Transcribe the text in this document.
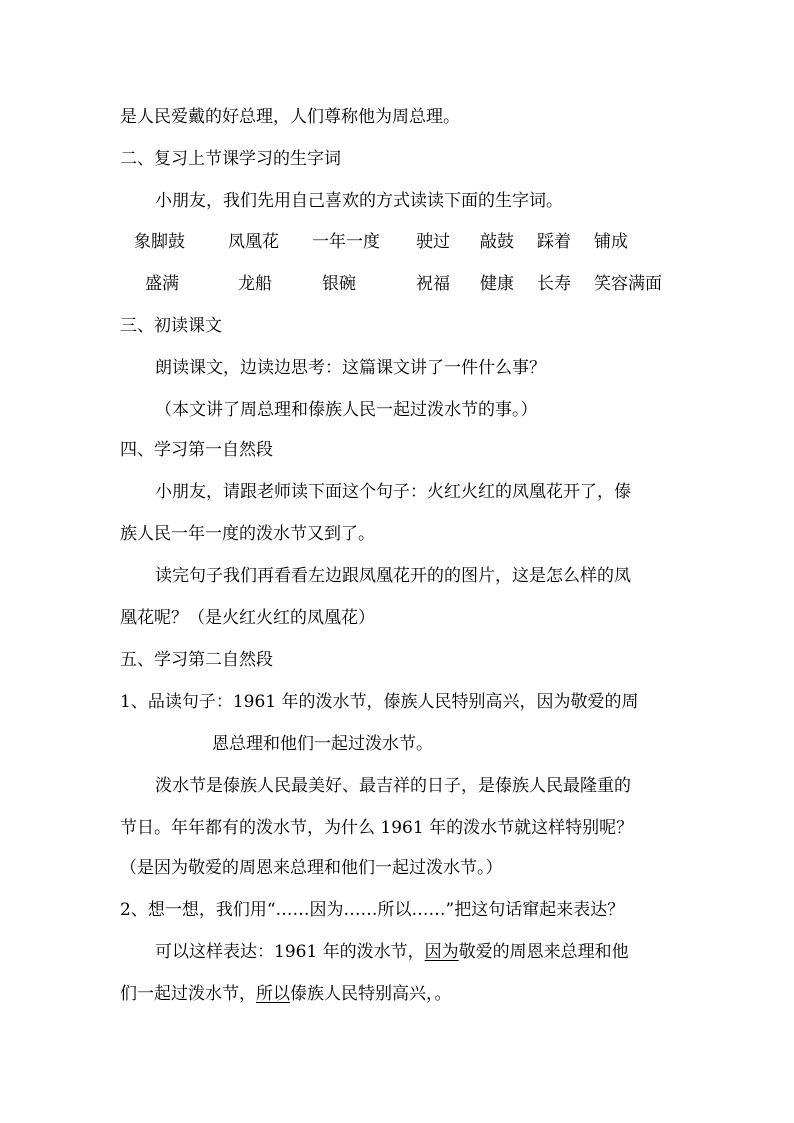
是人民爱戴的好总理，人们尊称他为周总理。
二、复习上节课学习的生字词
小朋友，我们先用自己喜欢的方式读读下面的生字词。
象脚鼓	凤凰花 一年一度 驶过 敲鼓 踩着 铺成
盛满	龙船	银碗	祝福 健康 长寿 笑容满面
三、初读课文
朗读课文，边读边思考：这篇课文讲了一件什么事？
（本文讲了周总理和傣族人民一起过泼水节的事。）
四、学习第一自然段
小朋友，请跟老师读下面这个句子：火红火红的凤凰花开了，傣
族人民一年一度的泼水节又到了。
读完句子我们再看看左边跟凤凰花开的的图片，这是怎么样的凤
凰花呢？（是火红火红的凤凰花）
五、学习第二自然段
1、品读句子：1961 年的泼水节，傣族人民特别高兴，因为敬爱的周
恩总理和他们一起过泼水节。
泼水节是傣族人民最美好、最吉祥的日子，是傣族人民最隆重的
节日。年年都有的泼水节，为什么 1961 年的泼水节就这样特别呢？
（是因为敬爱的周恩来总理和他们一起过泼水节。）
2、想一想，我们用“……因为……所以……”把这句话窜起来表达？
可以这样表达：1961 年的泼水节，因为敬爱的周恩来总理和他
们一起过泼水节，所以傣族人民特别高兴，。
